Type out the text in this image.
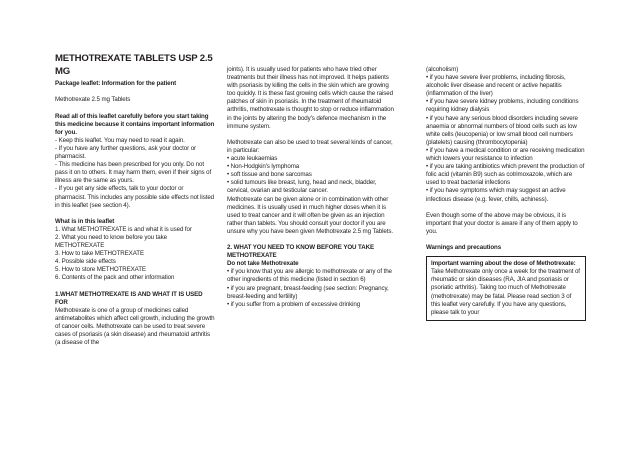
METHOTREXATE TABLETS USP 2.5 MG

Package leaflet: Information for the patient

Methotrexate 2.5 mg Tablets

Read all of this leaflet carefully before you start taking this medicine because it contains important information for you.

- Keep this leaflet. You may need to read it again.

- If you have any further questions, ask your doctor or pharmacist.

- This medicine has been prescribed for you only. Do not pass it on to others. It may harm them, even if their signs of illness are the same as yours.

- If you get any side effects, talk to your doctor or pharmacist. This includes any possible side effects not listed in this leaflet (see section 4).

What is in this leaflet

1. What METHOTREXATE is and what it is used for

2. What you need to know before you take METHOTREXATE

3. How to take METHOTREXATE

4. Possible side effects

5. How to store METHOTREXATE

6. Contents of the pack and other information

1.WHAT METHOTREXATE IS AND WHAT IT IS USED FOR

Methotrexate is one of a group of medicines called antimetabolites which affect cell growth, including the growth of cancer cells. Methotrexate can be used to treat severe cases of psoriasis (a skin disease) and rheumatoid arthritis (a disease of the

joints). It is usually used for patients who have tried other treatments but their illness has not improved. It helps patients with psoriasis by killing the cells in the skin which are growing too quickly. It is these fast growing cells which cause the raised patches of skin in psoriasis. In the treatment of rheumatoid arthritis, methotrexate is thought to stop or reduce inflammation in the joints by altering the body's defence mechanism in the immune system.

Methotrexate can also be used to treat several kinds of cancer, in particular:

• acute leukaemias

• Non-Hodgkin's lymphoma

• soft tissue and bone sarcomas

• solid tumours like breast, lung, head and neck, bladder, cervical, ovarian and testicular cancer.

Methotrexate can be given alone or in combination with other medicines. It is usually used in much higher doses when it is used to treat cancer and it will often be given as an injection rather than tablets. You should consult your doctor if you are unsure why you have been given Methotrexate 2.5 mg Tablets.

2. WHAT YOU NEED TO KNOW BEFORE YOU TAKE METHOTREXATE

Do not take Methotrexate

• if you know that you are allergic to methotrexate or any of the other ingredients of this medicine (listed in section 6)

• if you are pregnant, breast-feeding (see section: Pregnancy, breast-feeding and fertility)

• if you suffer from a problem of excessive drinking

(alcoholism)

• if you have severe liver problems, including fibrosis, alcoholic liver disease and recent or active hepatitis (inflammation of the liver)

• if you have severe kidney problems, including conditions requiring kidney dialysis

• if you have any serious blood disorders including severe anaemia or abnormal numbers of blood cells such as low white cells (leucopenia) or low small blood cell numbers (platelets) causing (thrombocytopenia)

• if you have a medical condition or are receiving medication which lowers your resistance to infection

• if you are taking antibiotics which prevent the production of folic acid (vitamin B9) such as cotrimoxazole, which are used to treat bacterial infections

• if you have symptoms which may suggest an active infectious disease (e.g. fever, chills, achiness).

Even though some of the above may be obvious, it is important that your doctor is aware if any of them apply to you.

Warnings and precautions

Important warning about the dose of Methotrexate:

Take Methotrexate only once a week for the treatment of rheumatic or skin diseases (RA, JIA and psoriasis or psoriatic arthritis). Taking too much of Methotrexate (methotrexate) may be fatal. Please read section 3 of this leaflet very carefully. If you have any questions, please talk to your
